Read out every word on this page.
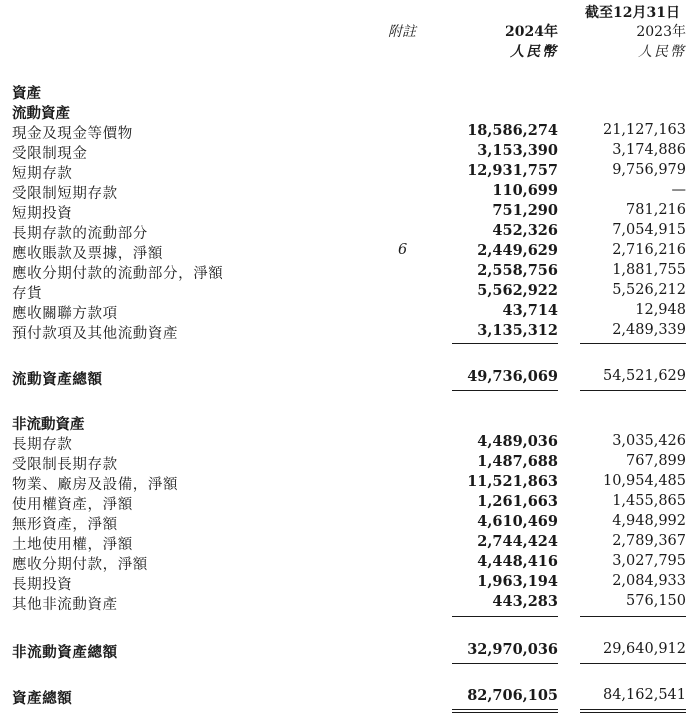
截至12月31日
附註	2024年
人民幣
2023年
人民幣
資產
流動資產
現金及現金等價物	18,586,274	21,127,163
受限制現金	3,153,390	3,174,886
短期存款	12,931,757	9,756,979
受限制短期存款	110,699	—
短期投資	751,290	781,216
長期存款的流動部分	452,326	7,054,915
應收賬款及票據，淨額	6	2,449,629	2,716,216
應收分期付款的流動部分，淨額	2,558,756	1,881,755
存貨	5,562,922	5,526,212
應收關聯方款項	43,714	12,948
預付款項及其他流動資產	3,135,312	2,489,339
流動資產總額	49,736,069	54,521,629
非流動資產
長期存款	4,489,036	3,035,426
受限制長期存款	1,487,688	767,899
物業、廠房及設備，淨額	11,521,863	10,954,485
使用權資產，淨額	1,261,663	1,455,865
無形資產，淨額	4,610,469	4,948,992
土地使用權，淨額	2,744,424	2,789,367
應收分期付款，淨額	4,448,416	3,027,795
長期投資	1,963,194	2,084,933
其他非流動資產	443,283	576,150
非流動資產總額	32,970,036	29,640,912
資產總額	82,706,105	84,162,541
